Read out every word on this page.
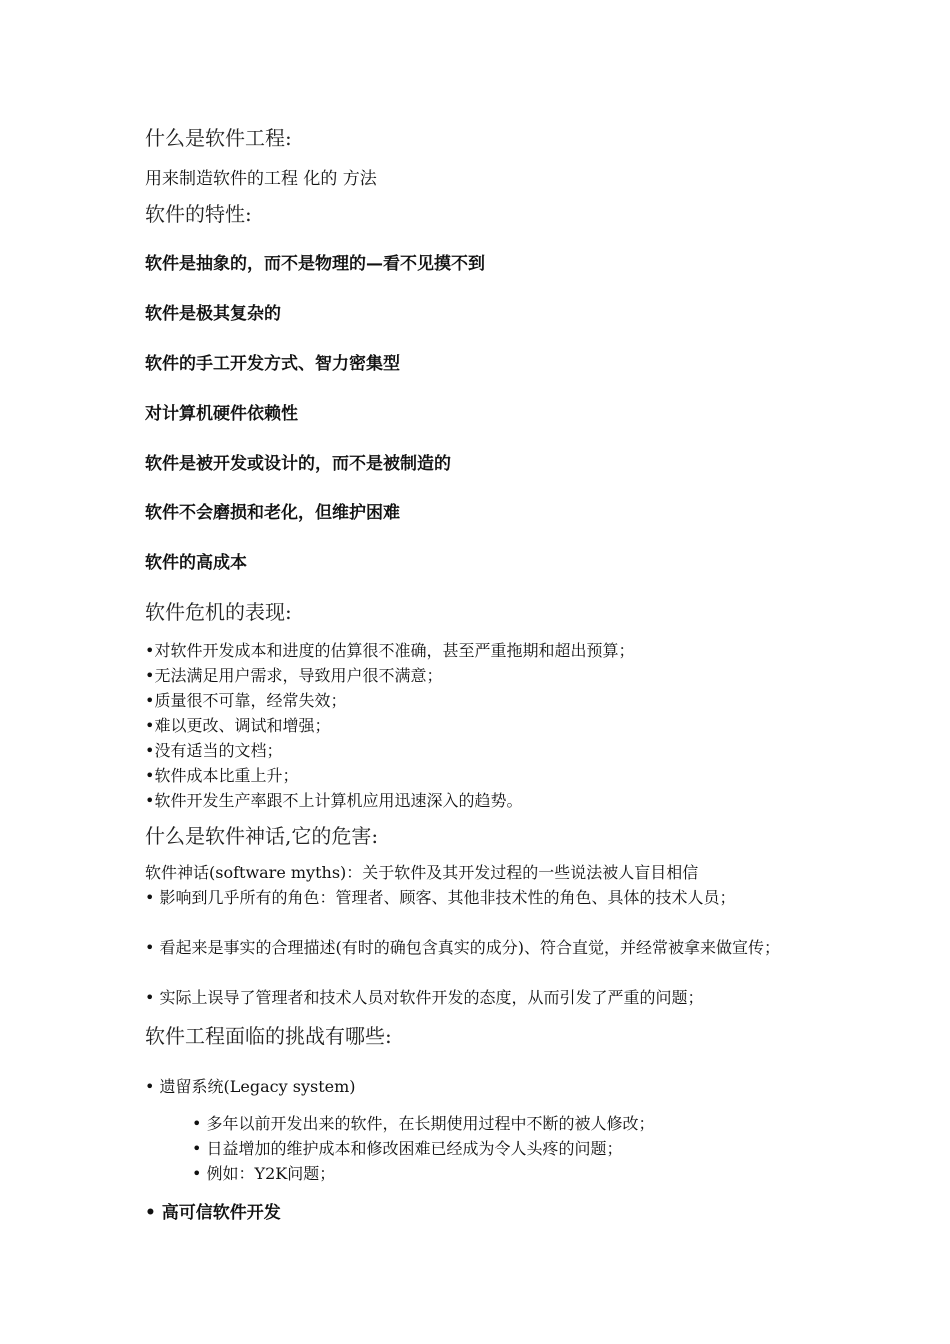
什么是软件工程:
用来制造软件的工程 化的 方法
软件的特性:
软件是抽象的，而不是物理的—看不见摸不到
软件是极其复杂的
软件的手工开发方式、智力密集型
对计算机硬件依赖性
软件是被开发或设计的，而不是被制造的
软件不会磨损和老化，但维护困难
软件的高成本
软件危机的表现:
•对软件开发成本和进度的估算很不准确，甚至严重拖期和超出预算；
•无法满足用户需求，导致用户很不满意；
•质量很不可靠，经常失效；
•难以更改、调试和增强；
•没有适当的文档；
•软件成本比重上升；
•软件开发生产率跟不上计算机应用迅速深入的趋势。
什么是软件神话,它的危害:
软件神话(software myths)：关于软件及其开发过程的一些说法被人盲目相信
• 影响到几乎所有的角色：管理者、顾客、其他非技术性的角色、具体的技术人员；
• 看起来是事实的合理描述(有时的确包含真实的成分)、符合直觉，并经常被拿来做宣传；
• 实际上误导了管理者和技术人员对软件开发的态度，从而引发了严重的问题；
软件工程面临的挑战有哪些:
• 遗留系统(Legacy system)
• 多年以前开发出来的软件，在长期使用过程中不断的被人修改；
• 日益增加的维护成本和修改困难已经成为令人头疼的问题；
• 例如：Y2K问题；
• 高可信软件开发
